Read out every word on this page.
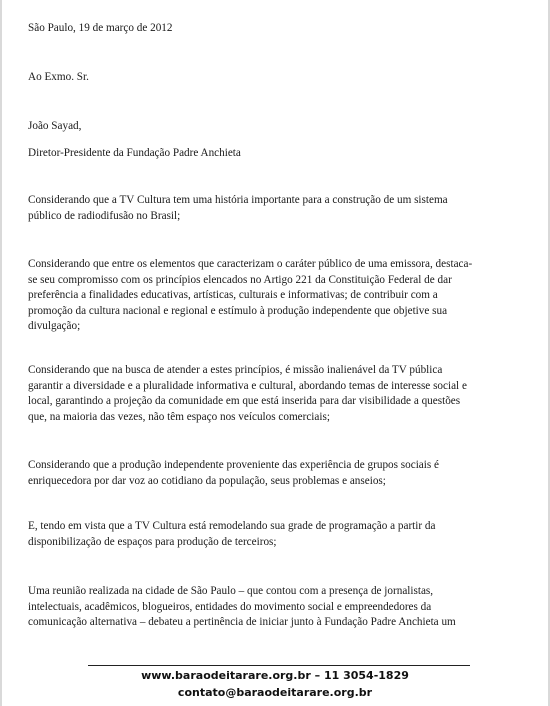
São Paulo, 19 de março de 2012
Ao Exmo. Sr.
João Sayad,
Diretor-Presidente da Fundação Padre Anchieta
Considerando que a TV Cultura tem uma história importante para a construção de um sistema
público de radiodifusão no Brasil;
Considerando que entre os elementos que caracterizam o caráter público de uma emissora, destaca-
se seu compromisso com os princípios elencados no Artigo 221 da Constituição Federal de dar
preferência a finalidades educativas, artísticas, culturais e informativas; de contribuir com a
promoção da cultura nacional e regional e estímulo à produção independente que objetive sua
divulgação;
Considerando que na busca de atender a estes princípios, é missão inalienável da TV pública
garantir a diversidade e a pluralidade informativa e cultural, abordando temas de interesse social e
local, garantindo a projeção da comunidade em que está inserida para dar visibilidade a questões
que, na maioria das vezes, não têm espaço nos veículos comerciais;
Considerando que a produção independente proveniente das experiência de grupos sociais é
enriquecedora por dar voz ao cotidiano da população, seus problemas e anseios;
E, tendo em vista que a TV Cultura está remodelando sua grade de programação a partir da
disponibilização de espaços para produção de terceiros;
Uma reunião realizada na cidade de São Paulo – que contou com a presença de jornalistas,
intelectuais, acadêmicos, blogueiros, entidades do movimento social e empreendedores da
comunicação alternativa – debateu a pertinência de iniciar junto à Fundação Padre Anchieta um
www.baraodeitarare.org.br – 11 3054-1829
contato@baraodeitarare.org.br
